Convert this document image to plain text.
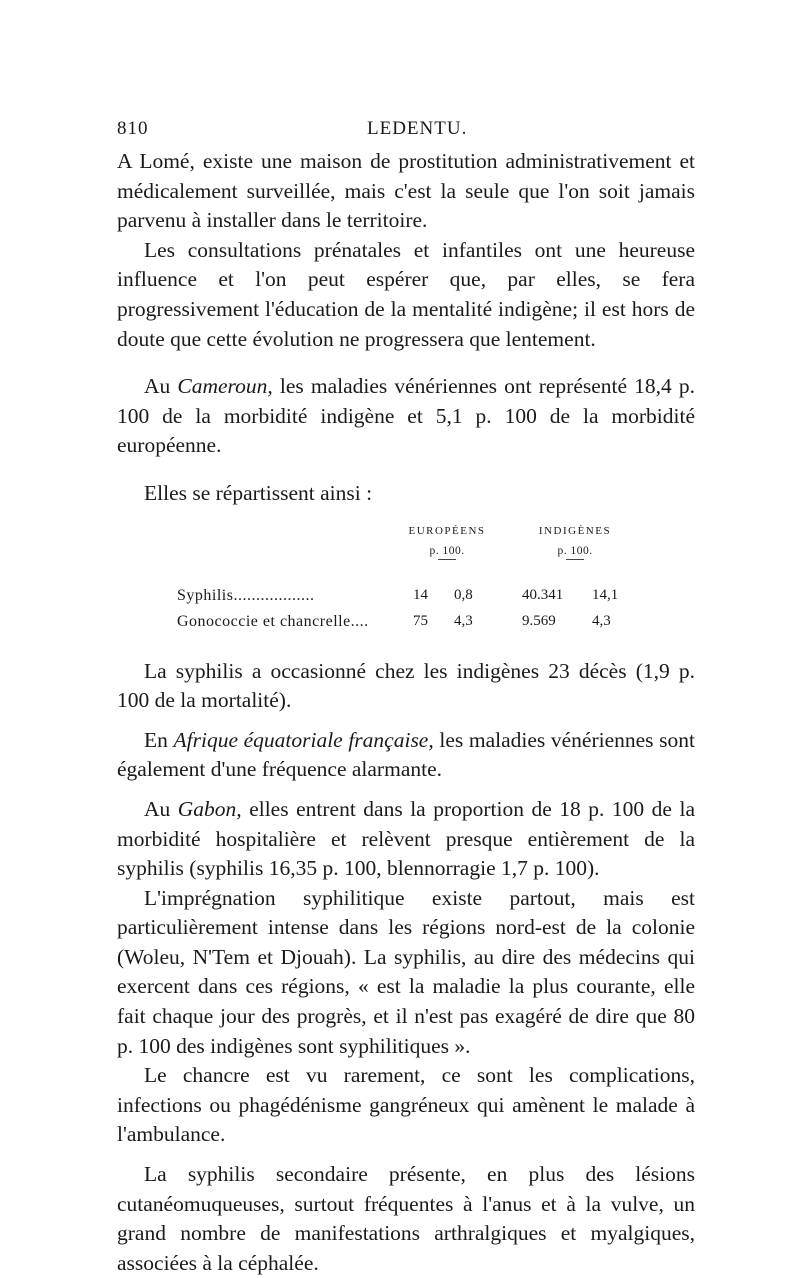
810	LEDENTU.

A Lomé, existe une maison de prostitution administrativement et médicalement surveillée, mais c'est la seule que l'on soit jamais parvenu à installer dans le territoire.

Les consultations prénatales et infantiles ont une heureuse influence et l'on peut espérer que, par elles, se fera progressivement l'éducation de la mentalité indigène; il est hors de doute que cette évolution ne progressera que lentement.

Au Cameroun, les maladies vénériennes ont représenté 18,4 p. 100 de la morbidité indigène et 5,1 p. 100 de la morbidité européenne.

Elles se répartissent ainsi :

EUROPÉENS
p. 100.
INDIGÈNES
p. 100.
Syphilis..................	14 0,8	40.341 14,1
Gonococcie et chancrelle....	75 4,3	9.569 4,3

La syphilis a occasionné chez les indigènes 23 décès (1,9 p. 100 de la mortalité).

En Afrique équatoriale française, les maladies vénériennes sont également d'une fréquence alarmante.

Au Gabon, elles entrent dans la proportion de 18 p. 100 de la morbidité hospitalière et relèvent presque entièrement de la syphilis (syphilis 16,35 p. 100, blennorragie 1,7 p. 100).

L'imprégnation syphilitique existe partout, mais est particulièrement intense dans les régions nord-est de la colonie (Woleu, N'Tem et Djouah). La syphilis, au dire des médecins qui exercent dans ces régions, « est la maladie la plus courante, elle fait chaque jour des progrès, et il n'est pas exagéré de dire que 80 p. 100 des indigènes sont syphilitiques ».

Le chancre est vu rarement, ce sont les complications, infections ou phagédénisme gangréneux qui amènent le malade à l'ambulance.

La syphilis secondaire présente, en plus des lésions cutanéomuqueuses, surtout fréquentes à l'anus et à la vulve, un grand nombre de manifestations arthralgiques et myalgiques, associées à la céphalée.
